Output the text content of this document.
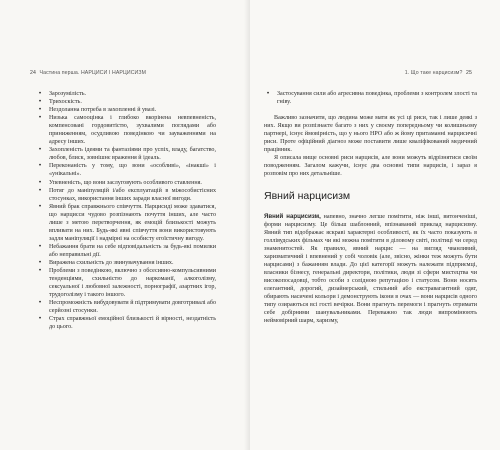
24 Частина перша. НАРЦИСИ І НАРЦИСИЗМ
• Зарозумілість.
• Трихоскість.
• Нездоланна потреба в захопленні й увазі.
• Низька самооцінка і глибоко вкорінена невпевненість, компенсовані гордовитістю, зухвалими поглядами або приниженням, осудливою поведінкою чи зауваженнями на адресу інших.
• Захопленість ідеями та фантазіями про успіх, владу, багатство, любов, блиск, зовнішнє враження й ідеаль.
• Переконаність у тому, що вони «особливі», «інакші» і «унікальні».
• Упевненість, що вони заслуговують особливого ставлення.
• Потяг до маніпуляцій і/або експлуатацій в міжособистісних стосунках, використання інших заради власної вигоди.
• Явний брак справжнього співчуття. Нарцисиді може здаватися, що нарцисси чудово розпізнають почуття інших, але часто лише з метою перетворчення, як емоцій близькості можуть впливати на них. Будь-які явні співчуття вони використовують задля маніпуляції і надмірні на особисту егоїстичну вигоду.
• Небажання брати на себе відповідальність за будь-які помилки або неправильні дії.
• Виражена схильність до звинувачування інших.
• Проблеми з поведінкою, включно з обсесивно-компульсивними тенденціями, схильністю до наркоманії, алкоголізму, сексуальної і любовної залежності, порнографії, азартних ігор, трудоголізму і такого іншого.
• Неспроможність вибудовувати й підтримувати довготривалі або серйозні стосунки.
• Страх справжньої емоційної близькості й вірності, нездатність до цього.
1. Що таке нарцисизм? 25
• Застосування сили або агресивна поведінка, проблеми з контролем злості та гніву.

Важливо зазначити, що людина може мати як усі ці риси, так і лише деякі з них. Якщо ви розпізнаєте багато з них у своєму попередньому чи колишньому партнері, існує ймовірність, що у нього НРО або ж йому притаманні нарцисичні риси. Проте офіційний діагноз може поставити лише кваліфікований медичний працівник.

Я описала вище основні риси нарцисів, але вони можуть відрізнятися своїм поводженням. Загалом кажучи, існує два основні типи нарцисів, і зараз я розповім про них детальніше.

Явний нарцисизм

Явний нарцисизм, напевно, значно легше помітити, ніж інші, витонченіші, форми нарцисизму. Це більш шаблонний, впізнаваний приклад нарцисизму. Явний тип відображає яскраві характерні особливості, як їх часто показують в голлівудських фільмах чи які можна помітити в діловому світі, політиці чи серед знаменитостей. Як правило, явний нарцис — на вигляд чванливий, харизматичний і впевнений у собі чоловік (але, звісно, жінки теж можуть бути нарцисами) з бажанням влади. До цієї категорії можуть належати підприємці, власники бізнесу, генеральні директори, політики, люди зі сфери мистецтва чи високопосадовці, тобто особи з солідною репутацією і статусом. Вони носять елегантний, дорогий, дизайнерський, стильний або екстравагантний одяг, обирають насичені кольори і демонструють ікони в очах — вони нарцисів одного типу озираються всі гості вечірки. Вони прагнуть перемоги і прагнуть отримати себе добірними шанувальниками. Переважно так люди випромінюють неймовірний шарм, харизму,
